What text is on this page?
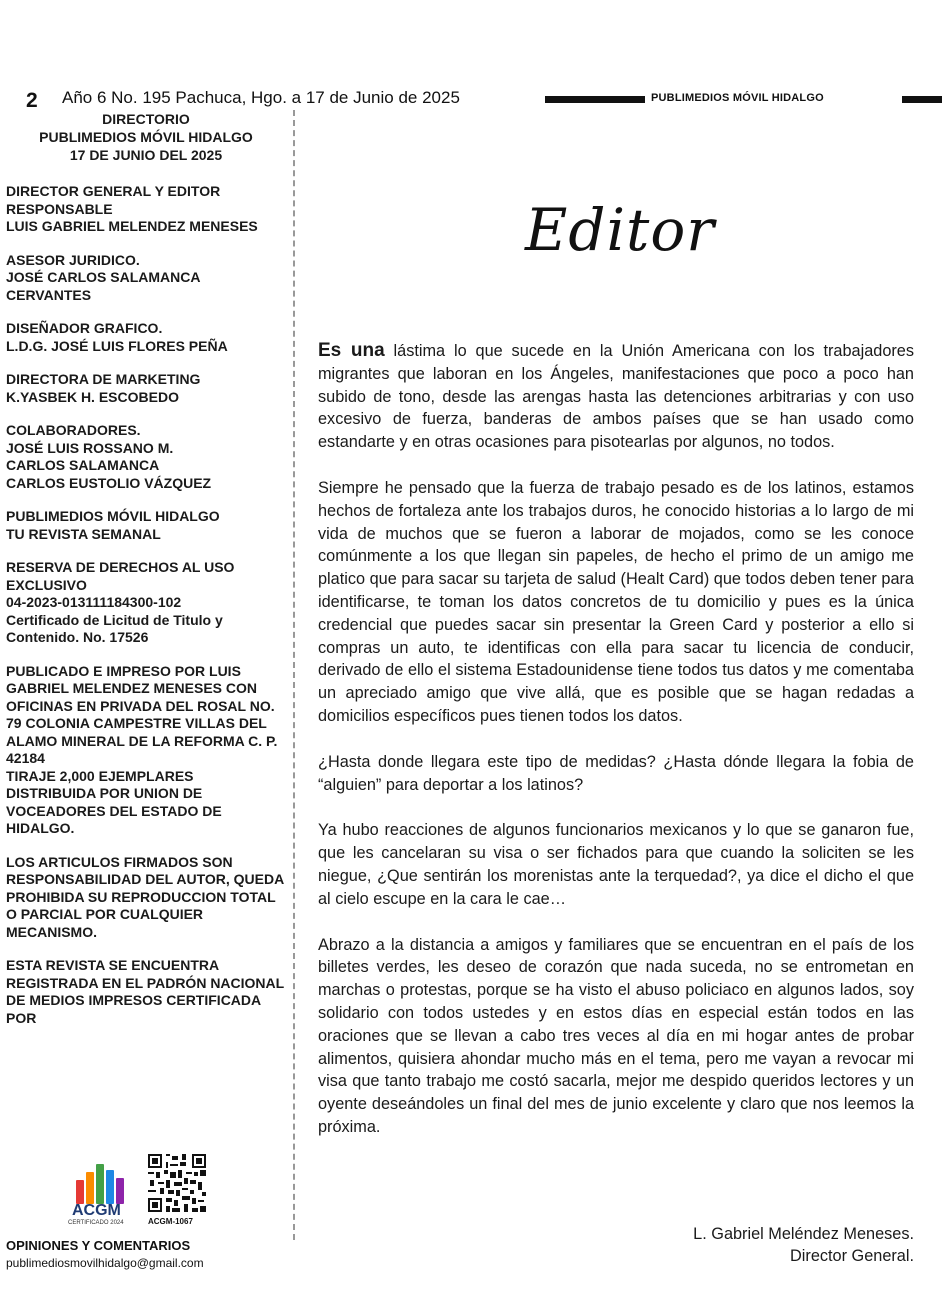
2 Año 6 No. 195 Pachuca, Hgo. a 17 de Junio de 2025	PUBLIMEDIOS MÓVIL HIDALGO
DIRECTORIO
PUBLIMEDIOS MÓVIL HIDALGO
17 DE JUNIO DEL 2025
DIRECTOR GENERAL Y EDITOR RESPONSABLE
LUIS GABRIEL MELENDEZ MENESES
ASESOR JURIDICO.
JOSÉ CARLOS SALAMANCA CERVANTES
DISEÑADOR GRAFICO.
L.D.G. JOSÉ LUIS FLORES PEÑA
DIRECTORA DE MARKETING
K.YASBEK H. ESCOBEDO
COLABORADORES.
JOSÉ LUIS ROSSANO M.
CARLOS SALAMANCA
CARLOS EUSTOLIO VÁZQUEZ
PUBLIMEDIOS MÓVIL HIDALGO
TU REVISTA SEMANAL
RESERVA DE DERECHOS AL USO EXCLUSIVO
04-2023-013111184300-102
Certificado de Licitud de Titulo y Contenido. No. 17526
PUBLICADO E IMPRESO POR LUIS GABRIEL MELENDEZ MENESES CON OFICINAS EN PRIVADA DEL ROSAL NO. 79 COLONIA CAMPESTRE VILLAS DEL ALAMO MINERAL DE LA REFORMA C. P. 42184
TIRAJE 2,000 EJEMPLARES
DISTRIBUIDA POR UNION DE VOCEADORES DEL ESTADO DE HIDALGO.
LOS ARTICULOS FIRMADOS SON RESPONSABILIDAD DEL AUTOR, QUEDA PROHIBIDA SU REPRODUCCION TOTAL O PARCIAL POR CUALQUIER MECANISMO.
ESTA REVISTA SE ENCUENTRA REGISTRADA EN EL PADRÓN NACIONAL DE MEDIOS IMPRESOS CERTIFICADA POR
ACGM
CERTIFICADO 2024	ACGM-1067
OPINIONES Y COMENTARIOS
publimediosmovilhidalgo@gmail.com
Editor

Es una lástima lo que sucede en la Unión Americana con los trabajadores migrantes que laboran en los Ángeles, manifestaciones que poco a poco han subido de tono, desde las arengas hasta las detenciones arbitrarias y con uso excesivo de fuerza, banderas de ambos países que se han usado como estandarte y en otras ocasiones para pisotearlas por algunos, no todos.

Siempre he pensado que la fuerza de trabajo pesado es de los latinos, estamos hechos de fortaleza ante los trabajos duros, he conocido historias a lo largo de mi vida de muchos que se fueron a laborar de mojados, como se les conoce comúnmente a los que llegan sin papeles, de hecho el primo de un amigo me platico que para sacar su tarjeta de salud (Healt Card) que todos deben tener para identificarse, te toman los datos concretos de tu domicilio y pues es la única credencial que puedes sacar sin presentar la Green Card y posterior a ello si compras un auto, te identificas con ella para sacar tu licencia de conducir, derivado de ello el sistema Estadounidense tiene todos tus datos y me comentaba un apreciado amigo que vive allá, que es posible que se hagan redadas a domicilios específicos pues tienen todos los datos.

¿Hasta donde llegara este tipo de medidas? ¿Hasta dónde llegara la fobia de “alguien” para deportar a los latinos?

Ya hubo reacciones de algunos funcionarios mexicanos y lo que se ganaron fue, que les cancelaran su visa o ser fichados para que cuando la soliciten se les niegue, ¿Que sentirán los morenistas ante la terquedad?, ya dice el dicho el que al cielo escupe en la cara le cae…

Abrazo a la distancia a amigos y familiares que se encuentran en el país de los billetes verdes, les deseo de corazón que nada suceda, no se entrometan en marchas o protestas, porque se ha visto el abuso policiaco en algunos lados, soy solidario con todos ustedes y en estos días en especial están todos en las oraciones que se llevan a cabo tres veces al día en mi hogar antes de probar alimentos, quisiera ahondar mucho más en el tema, pero me vayan a revocar mi visa que tanto trabajo me costó sacarla, mejor me despido queridos lectores y un oyente deseándoles un final del mes de junio excelente y claro que nos leemos la próxima.

L. Gabriel Meléndez Meneses.
Director General.
